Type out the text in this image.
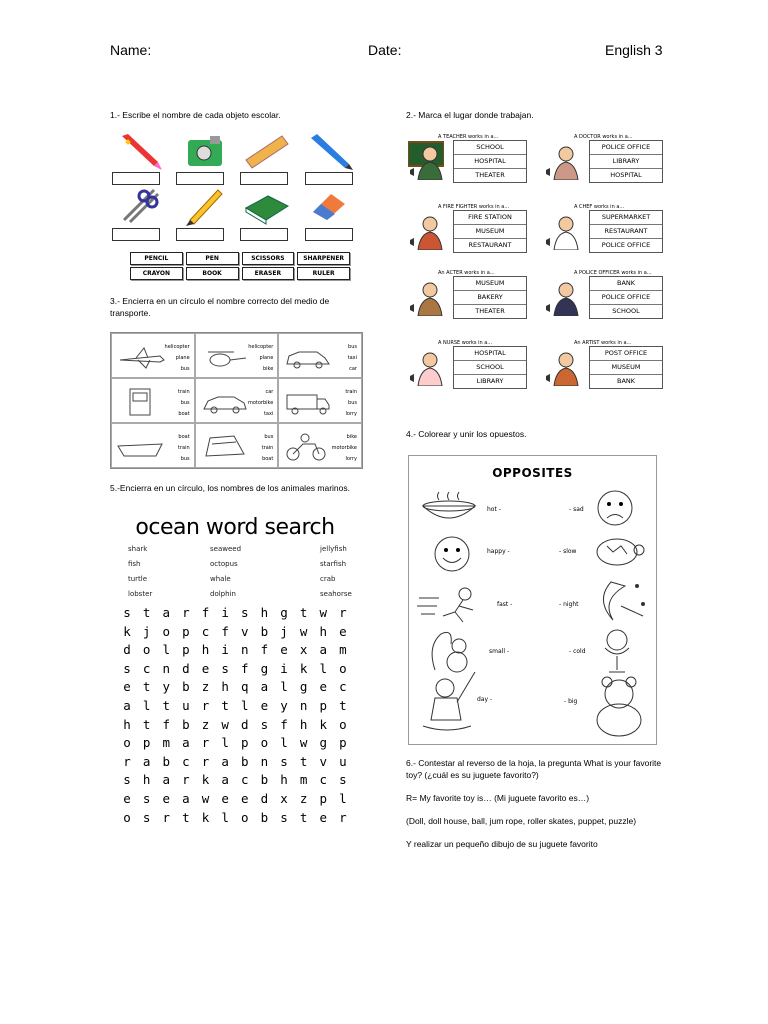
Name:	Date:	English 3
1.- Escribe el nombre de cada objeto escolar.
PENCIL	PEN	SCISSORS	SHARPENER
CRAYON	BOOK	ERASER	RULER
3.- Encierra en un círculo el nombre correcto del medio de transporte.
helicopter
plane
bus
helicopter
plane
bike
bus
taxi
car
train
bus
boat
car
motorbike
taxi
train
bus
lorry
boat
train
bus
bus
train
boat
bike
motorbike
lorry
5.-Encierra en un círculo, los nombres de los animales marinos.
ocean word search
shark	seaweed	jellyfish
fish	octopus	starfish
turtle	whale	crab
lobster	dolphin	seahorse
s t a r f i s h g t w r
k j o p c f v b j w h e
d o l p h i n f e x a m
s c n d e s f g i k l o
e t y b z h q a l g e c
a l t u r t l e y n p t
h t f b z w d s f h k o
o p m a r l p o l w g p
r a b c r a b n s t v u
s h a r k a c b h m c s
e s e a w e e d x z p l
o s r t k l o b s t e r
2.- Marca el lugar donde trabajan.
A TEACHER works in a...
SCHOOL
HOSPITAL
THEATER
A DOCTOR works in a...
POLICE OFFICE
LIBRARY
HOSPITAL
A FIRE FIGHTER works in a...
FIRE STATION
MUSEUM
RESTAURANT
A CHEF works in a...
SUPERMARKET
RESTAURANT
POLICE OFFICE
An ACTER works in a...
MUSEUM
BAKERY
THEATER
A POLICE OFFICER works in a...
BANK
POLICE OFFICE
SCHOOL
A NURSE works in a...
HOSPITAL
SCHOOL
LIBRARY
An ARTIST works in a...
POST OFFICE
MUSEUM
BANK
4.- Colorear y unir los opuestos.
OPPOSITES
hot -
happy -
fast -
small -
day -
- sad
- slow
- night
- cold
- big
6.- Contestar al reverso de la hoja, la pregunta What is your favorite toy? (¿cuál es su juguete favorito?)
R= My favorite toy is… (Mi juguete favorito es…)
(Doll, doll house, ball, jum rope, roller skates, puppet, puzzle)
Y realizar un pequeño dibujo de su juguete favorito
